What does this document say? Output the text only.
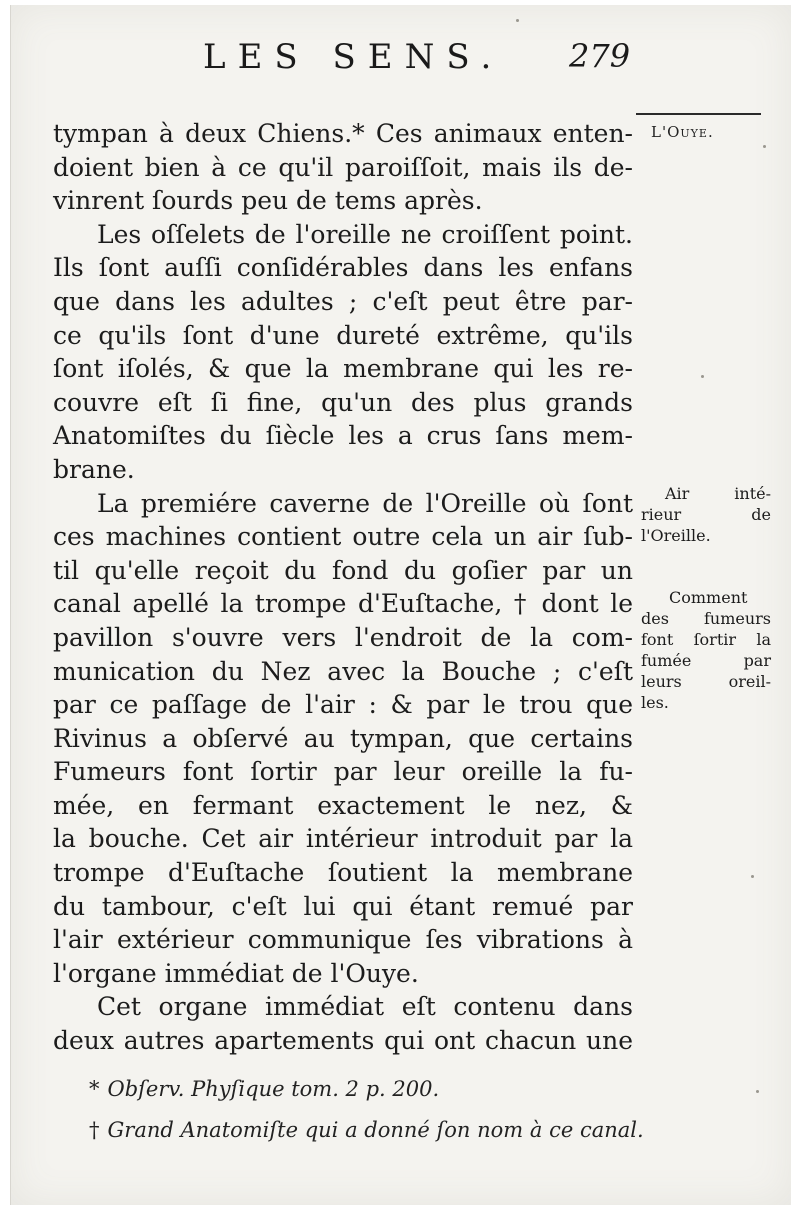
LES SENS. 279
L'Ouye.
tympan à deux Chiens.* Ces animaux enten-
doient bien à ce qu'il paroiſſoit, mais ils de-
vinrent ſourds peu de tems après.
Les oſſelets de l'oreille ne croiſſent point.
Ils ſont auſſi conſidérables dans les enfans
que dans les adultes ; c'eſt peut être par-
ce qu'ils ſont d'une dureté extrême, qu'ils
ſont iſolés, & que la membrane qui les re-
couvre eſt ſi fine, qu'un des plus grands
Anatomiſtes du ſiècle les a crus ſans mem-
brane.
La premiére caverne de l'Oreille où ſont
ces machines contient outre cela un air ſub-
til qu'elle reçoit du fond du goſier par un
canal apellé la trompe d'Euſtache, † dont le
pavillon s'ouvre vers l'endroit de la com-
munication du Nez avec la Bouche ; c'eſt
par ce paſſage de l'air : & par le trou que
Rivinus a obſervé au tympan, que certains
Fumeurs font ſortir par leur oreille la fu-
mée, en fermant exactement le nez, &
la bouche. Cet air intérieur introduit par la
trompe d'Euſtache ſoutient la membrane
du tambour, c'eſt lui qui étant remué par
l'air extérieur communique ſes vibrations à
l'organe immédiat de l'Ouye.
Cet organe immédiat eſt contenu dans
deux autres apartements qui ont chacun une
Air inté-
rieur de
l'Oreille.
Comment
des fumeurs
font ſortir la
fumée par
leurs oreil-
les.
* Obſerv. Phyſique tom. 2 p. 200.
† Grand Anatomiſte qui a donné ſon nom à ce canal.
